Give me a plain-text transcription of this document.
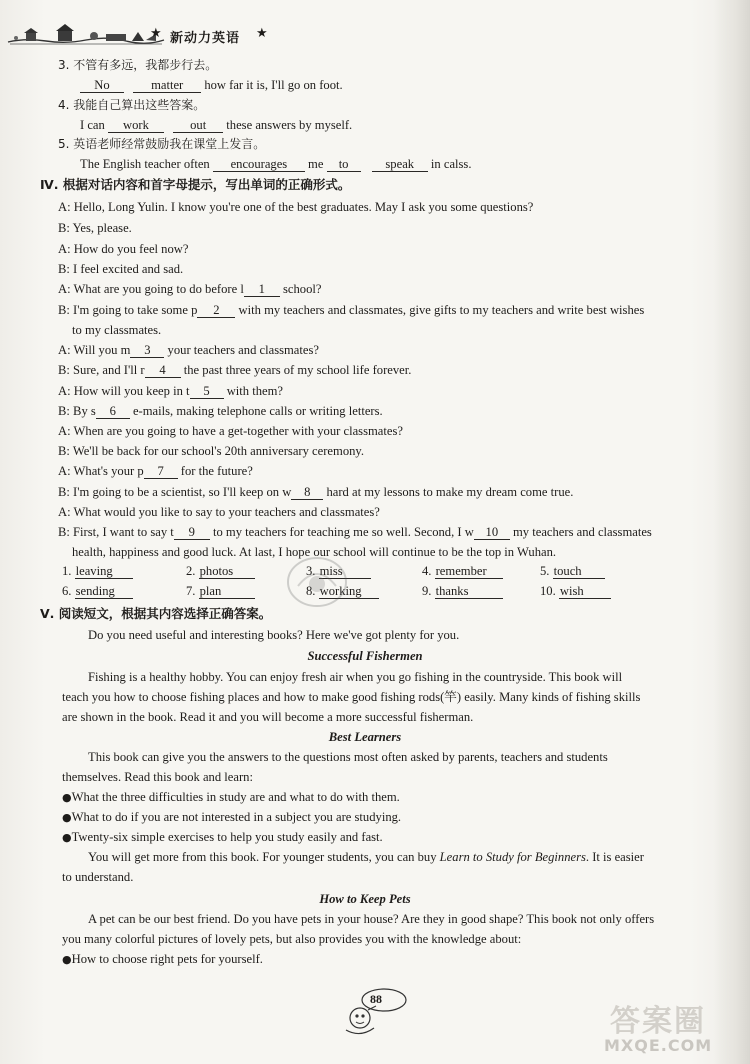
★ 新动力英语 ★
3. 不管有多远，我都步行去。
No	matter how far it is, I'll go on foot.
4. 我能自己算出这些答案。
I can work	out these answers by myself.
5. 英语老师经常鼓励我在课堂上发言。
The English teacher often encourages me to	speak in calss.
Ⅳ. 根据对话内容和首字母提示，写出单词的正确形式。
A: Hello, Long Yulin. I know you're one of the best graduates. May I ask you some questions?
B: Yes, please.
A: How do you feel now?
B: I feel excited and sad.
A: What are you going to do before l 1 school?
B: I'm going to take some p 2 with my teachers and classmates, give gifts to my teachers and write best wishes
to my classmates.
A: Will you m 3 your teachers and classmates?
B: Sure, and I'll r 4 the past three years of my school life forever.
A: How will you keep in t 5 with them?
B: By s 6 e-mails, making telephone calls or writing letters.
A: When are you going to have a get-together with your classmates?
B: We'll be back for our school's 20th anniversary ceremony.
A: What's your p 7 for the future?
B: I'm going to be a scientist, so I'll keep on w 8 hard at my lessons to make my dream come true.
A: What would you like to say to your teachers and classmates?
B: First, I want to say t 9 to my teachers for teaching me so well. Second, I w 10 my teachers and classmates
health, happiness and good luck. At last, I hope our school will continue to be the top in Wuhan.
1. leaving	2. photos	3. miss	4. remember	5. touch
6. sending	7. plan	8. working	9. thanks	10. wish
Ⅴ. 阅读短文，根据其内容选择正确答案。
Do you need useful and interesting books? Here we've got plenty for you.
Successful Fishermen
Fishing is a healthy hobby. You can enjoy fresh air when you go fishing in the countryside. This book will
teach you how to choose fishing places and how to make good fishing rods(竿) easily. Many kinds of fishing skills
are shown in the book. Read it and you will become a more successful fisherman.
Best Learners
This book can give you the answers to the questions most often asked by parents, teachers and students
themselves. Read this book and learn:
●What the three difficulties in study are and what to do with them.
●What to do if you are not interested in a subject you are studying.
●Twenty-six simple exercises to help you study easily and fast.
You will get more from this book. For younger students, you can buy Learn to Study for Beginners. It is easier
to understand.
How to Keep Pets
A pet can be our best friend. Do you have pets in your house? Are they in good shape? This book not only offers
you many colorful pictures of lovely pets, but also provides you with the knowledge about:
●How to choose right pets for yourself.
88
答案圈
MXQE.COM
